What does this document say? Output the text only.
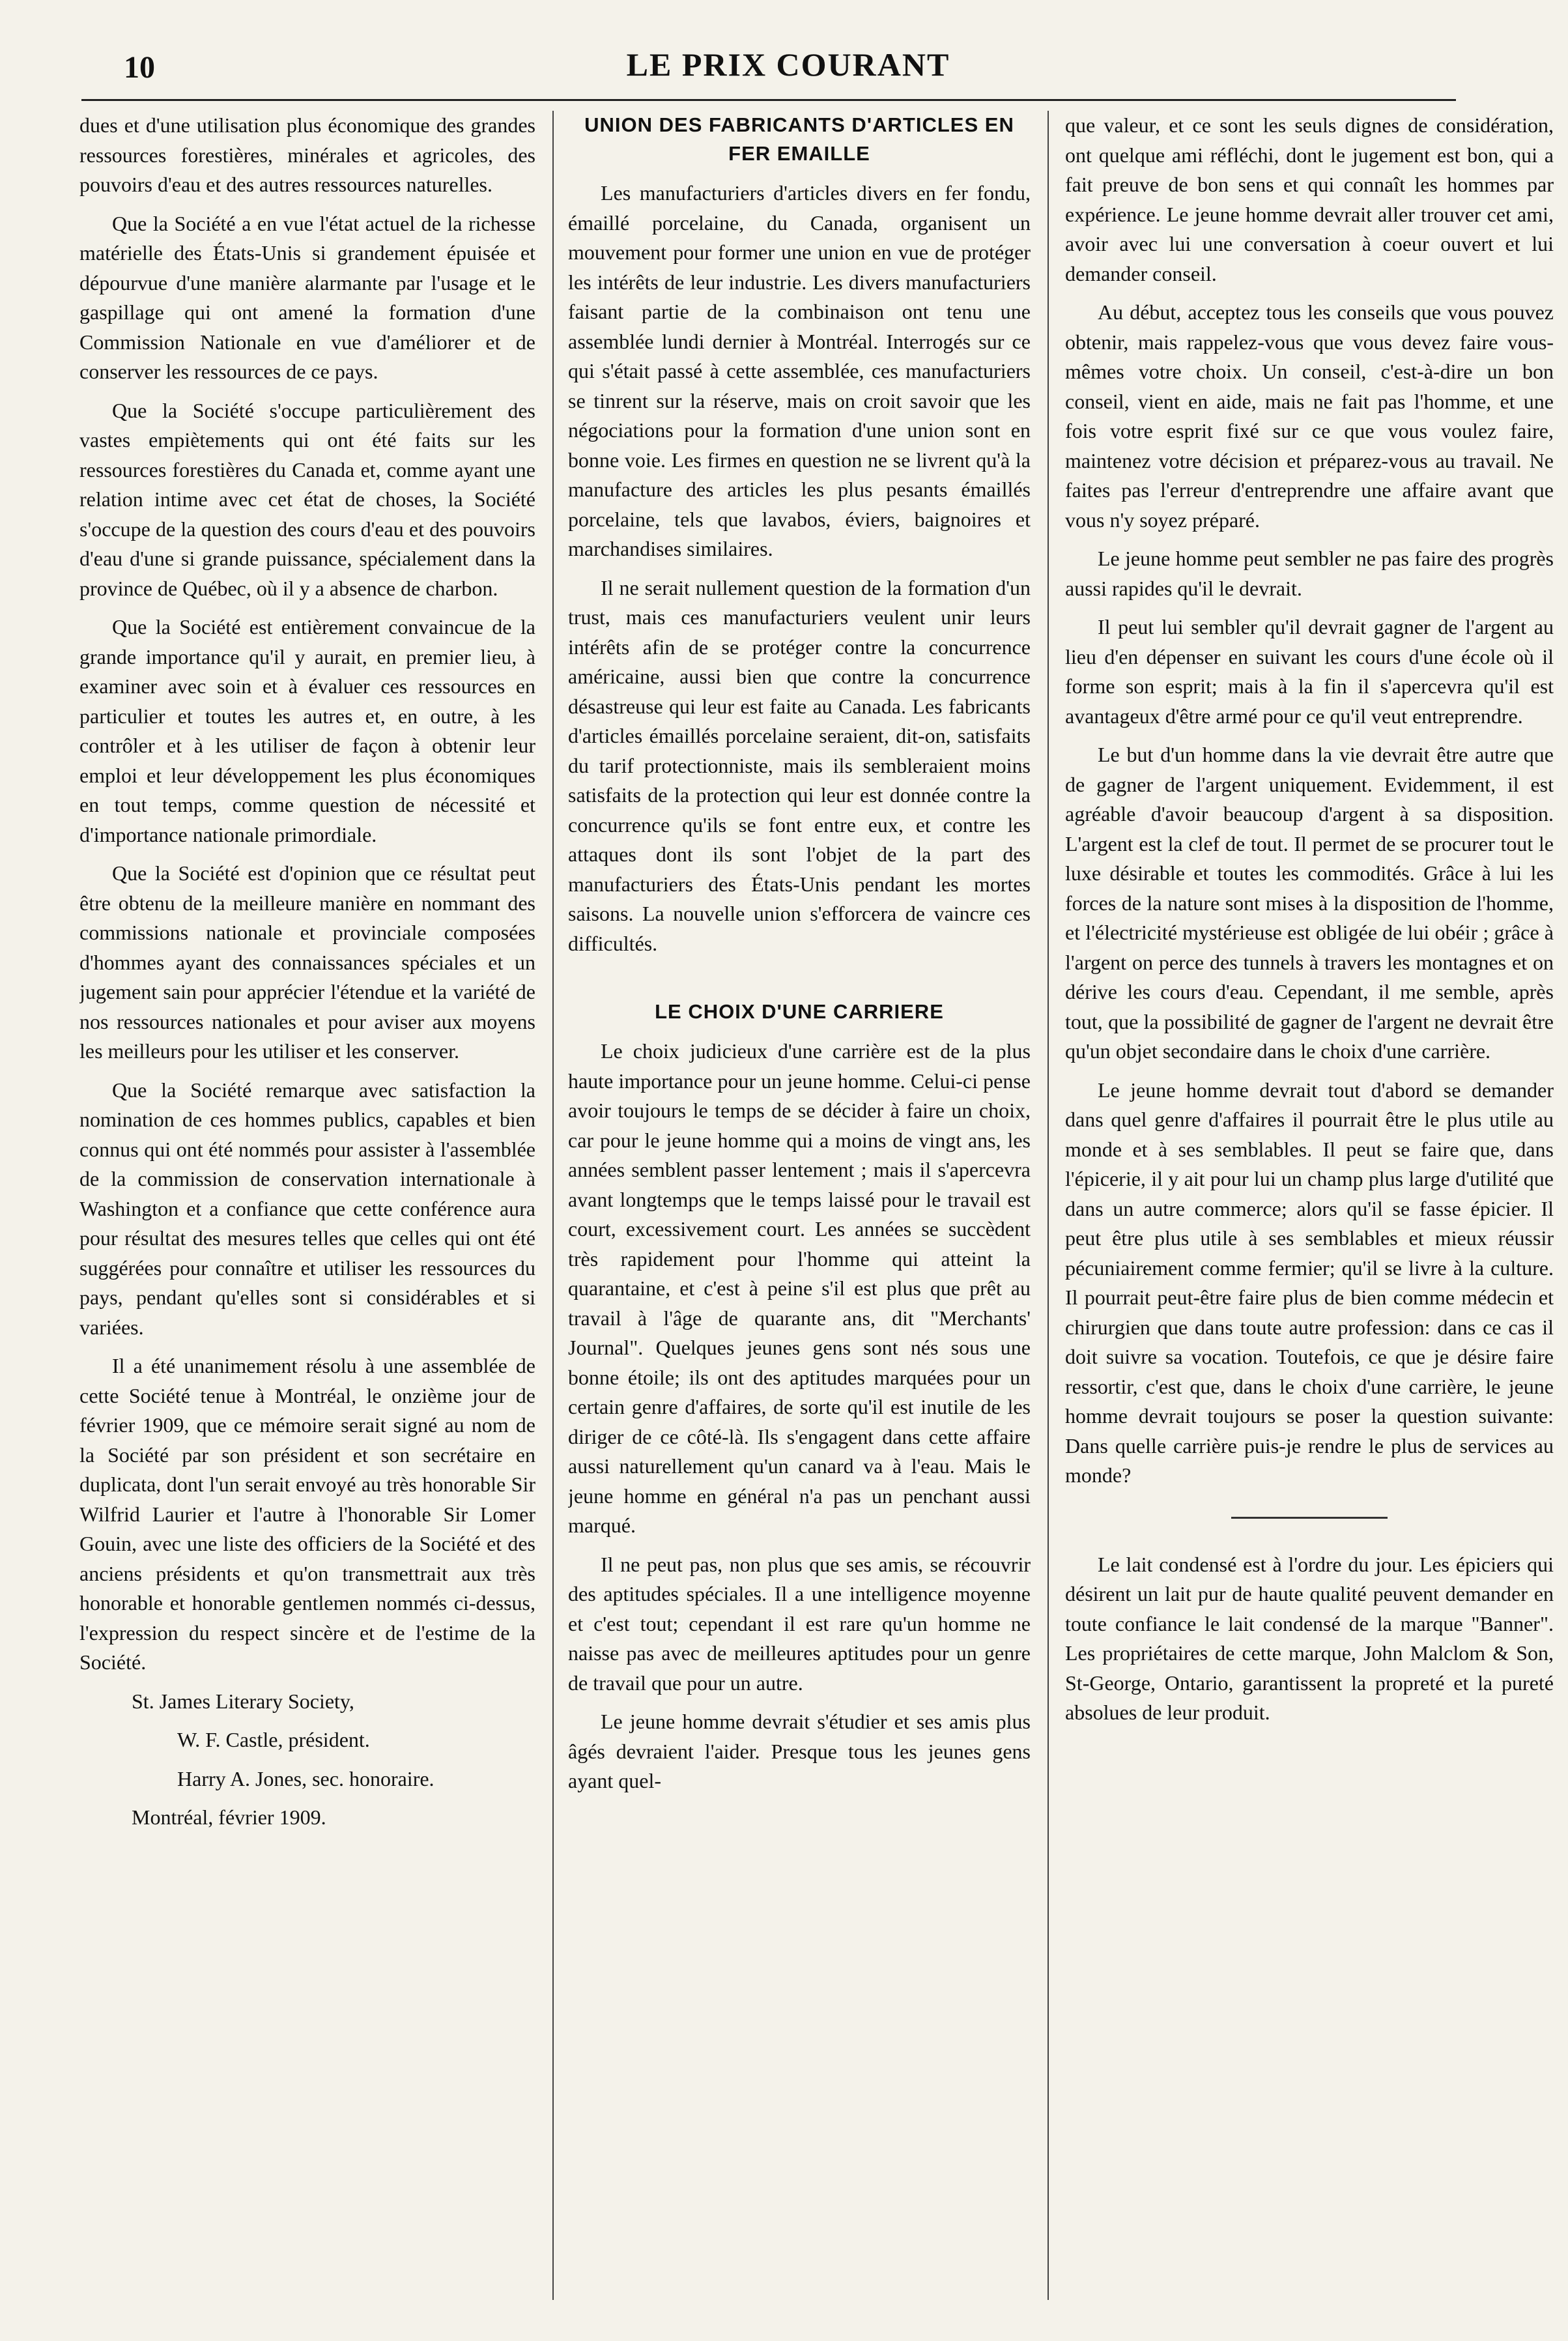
10	LE PRIX COURANT

dues et d'une utilisation plus économique des grandes ressources forestières, minérales et agricoles, des pouvoirs d'eau et des autres ressources naturelles.

Que la Société a en vue l'état actuel de la richesse matérielle des États-Unis si grandement épuisée et dépourvue d'une manière alarmante par l'usage et le gaspillage qui ont amené la formation d'une Commission Nationale en vue d'améliorer et de conserver les ressources de ce pays.

Que la Société s'occupe particulièrement des vastes empiètements qui ont été faits sur les ressources forestières du Canada et, comme ayant une relation intime avec cet état de choses, la Société s'occupe de la question des cours d'eau et des pouvoirs d'eau d'une si grande puissance, spécialement dans la province de Québec, où il y a absence de charbon.

Que la Société est entièrement convaincue de la grande importance qu'il y aurait, en premier lieu, à examiner avec soin et à évaluer ces ressources en particulier et toutes les autres et, en outre, à les contrôler et à les utiliser de façon à obtenir leur emploi et leur développement les plus économiques en tout temps, comme question de nécessité et d'importance nationale primordiale.

Que la Société est d'opinion que ce résultat peut être obtenu de la meilleure manière en nommant des commissions nationale et provinciale composées d'hommes ayant des connaissances spéciales et un jugement sain pour apprécier l'étendue et la variété de nos ressources nationales et pour aviser aux moyens les meilleurs pour les utiliser et les conserver.

Que la Société remarque avec satisfaction la nomination de ces hommes publics, capables et bien connus qui ont été nommés pour assister à l'assemblée de la commission de conservation internationale à Washington et a confiance que cette conférence aura pour résultat des mesures telles que celles qui ont été suggérées pour connaître et utiliser les ressources du pays, pendant qu'elles sont si considérables et si variées.

Il a été unanimement résolu à une assemblée de cette Société tenue à Montréal, le onzième jour de février 1909, que ce mémoire serait signé au nom de la Société par son président et son secrétaire en duplicata, dont l'un serait envoyé au très honorable Sir Wilfrid Laurier et l'autre à l'honorable Sir Lomer Gouin, avec une liste des officiers de la Société et des anciens présidents et qu'on transmettrait aux très honorable et honorable gentlemen nommés ci-dessus, l'expression du respect sincère et de l'estime de la Société.

St. James Literary Society,

W. F. Castle, président.

Harry A. Jones, sec. honoraire.

Montréal, février 1909.

UNION DES FABRICANTS D'ARTICLES EN FER EMAILLE

Les manufacturiers d'articles divers en fer fondu, émaillé porcelaine, du Canada, organisent un mouvement pour former une union en vue de protéger les intérêts de leur industrie. Les divers manufacturiers faisant partie de la combinaison ont tenu une assemblée lundi dernier à Montréal. Interrogés sur ce qui s'était passé à cette assemblée, ces manufacturiers se tinrent sur la réserve, mais on croit savoir que les négociations pour la formation d'une union sont en bonne voie. Les firmes en question ne se livrent qu'à la manufacture des articles les plus pesants émaillés porcelaine, tels que lavabos, éviers, baignoires et marchandises similaires.

Il ne serait nullement question de la formation d'un trust, mais ces manufacturiers veulent unir leurs intérêts afin de se protéger contre la concurrence américaine, aussi bien que contre la concurrence désastreuse qui leur est faite au Canada. Les fabricants d'articles émaillés porcelaine seraient, dit-on, satisfaits du tarif protectionniste, mais ils sembleraient moins satisfaits de la protection qui leur est donnée contre la concurrence qu'ils se font entre eux, et contre les attaques dont ils sont l'objet de la part des manufacturiers des États-Unis pendant les mortes saisons. La nouvelle union s'efforcera de vaincre ces difficultés.

LE CHOIX D'UNE CARRIERE

Le choix judicieux d'une carrière est de la plus haute importance pour un jeune homme. Celui-ci pense avoir toujours le temps de se décider à faire un choix, car pour le jeune homme qui a moins de vingt ans, les années semblent passer lentement ; mais il s'apercevra avant longtemps que le temps laissé pour le travail est court, excessivement court. Les années se succèdent très rapidement pour l'homme qui atteint la quarantaine, et c'est à peine s'il est plus que prêt au travail à l'âge de quarante ans, dit "Merchants' Journal". Quelques jeunes gens sont nés sous une bonne étoile; ils ont des aptitudes marquées pour un certain genre d'affaires, de sorte qu'il est inutile de les diriger de ce côté-là. Ils s'engagent dans cette affaire aussi naturellement qu'un canard va à l'eau. Mais le jeune homme en général n'a pas un penchant aussi marqué.

Il ne peut pas, non plus que ses amis, se récouvrir des aptitudes spéciales. Il a une intelligence moyenne et c'est tout; cependant il est rare qu'un homme ne naisse pas avec de meilleures aptitudes pour un genre de travail que pour un autre.

Le jeune homme devrait s'étudier et ses amis plus âgés devraient l'aider. Presque tous les jeunes gens ayant quel-

que valeur, et ce sont les seuls dignes de considération, ont quelque ami réfléchi, dont le jugement est bon, qui a fait preuve de bon sens et qui connaît les hommes par expérience. Le jeune homme devrait aller trouver cet ami, avoir avec lui une conversation à coeur ouvert et lui demander conseil.

Au début, acceptez tous les conseils que vous pouvez obtenir, mais rappelez-vous que vous devez faire vous-mêmes votre choix. Un conseil, c'est-à-dire un bon conseil, vient en aide, mais ne fait pas l'homme, et une fois votre esprit fixé sur ce que vous voulez faire, maintenez votre décision et préparez-vous au travail. Ne faites pas l'erreur d'entreprendre une affaire avant que vous n'y soyez préparé.

Le jeune homme peut sembler ne pas faire des progrès aussi rapides qu'il le devrait.

Il peut lui sembler qu'il devrait gagner de l'argent au lieu d'en dépenser en suivant les cours d'une école où il forme son esprit; mais à la fin il s'apercevra qu'il est avantageux d'être armé pour ce qu'il veut entreprendre.

Le but d'un homme dans la vie devrait être autre que de gagner de l'argent uniquement. Evidemment, il est agréable d'avoir beaucoup d'argent à sa disposition. L'argent est la clef de tout. Il permet de se procurer tout le luxe désirable et toutes les commodités. Grâce à lui les forces de la nature sont mises à la disposition de l'homme, et l'électricité mystérieuse est obligée de lui obéir ; grâce à l'argent on perce des tunnels à travers les montagnes et on dérive les cours d'eau. Cependant, il me semble, après tout, que la possibilité de gagner de l'argent ne devrait être qu'un objet secondaire dans le choix d'une carrière.

Le jeune homme devrait tout d'abord se demander dans quel genre d'affaires il pourrait être le plus utile au monde et à ses semblables. Il peut se faire que, dans l'épicerie, il y ait pour lui un champ plus large d'utilité que dans un autre commerce; alors qu'il se fasse épicier. Il peut être plus utile à ses semblables et mieux réussir pécuniairement comme fermier; qu'il se livre à la culture. Il pourrait peut-être faire plus de bien comme médecin et chirurgien que dans toute autre profession: dans ce cas il doit suivre sa vocation. Toutefois, ce que je désire faire ressortir, c'est que, dans le choix d'une carrière, le jeune homme devrait toujours se poser la question suivante: Dans quelle carrière puis-je rendre le plus de services au monde?

Le lait condensé est à l'ordre du jour. Les épiciers qui désirent un lait pur de haute qualité peuvent demander en toute confiance le lait condensé de la marque "Banner". Les propriétaires de cette marque, John Malclom & Son, St-George, Ontario, garantissent la propreté et la pureté absolues de leur produit.
